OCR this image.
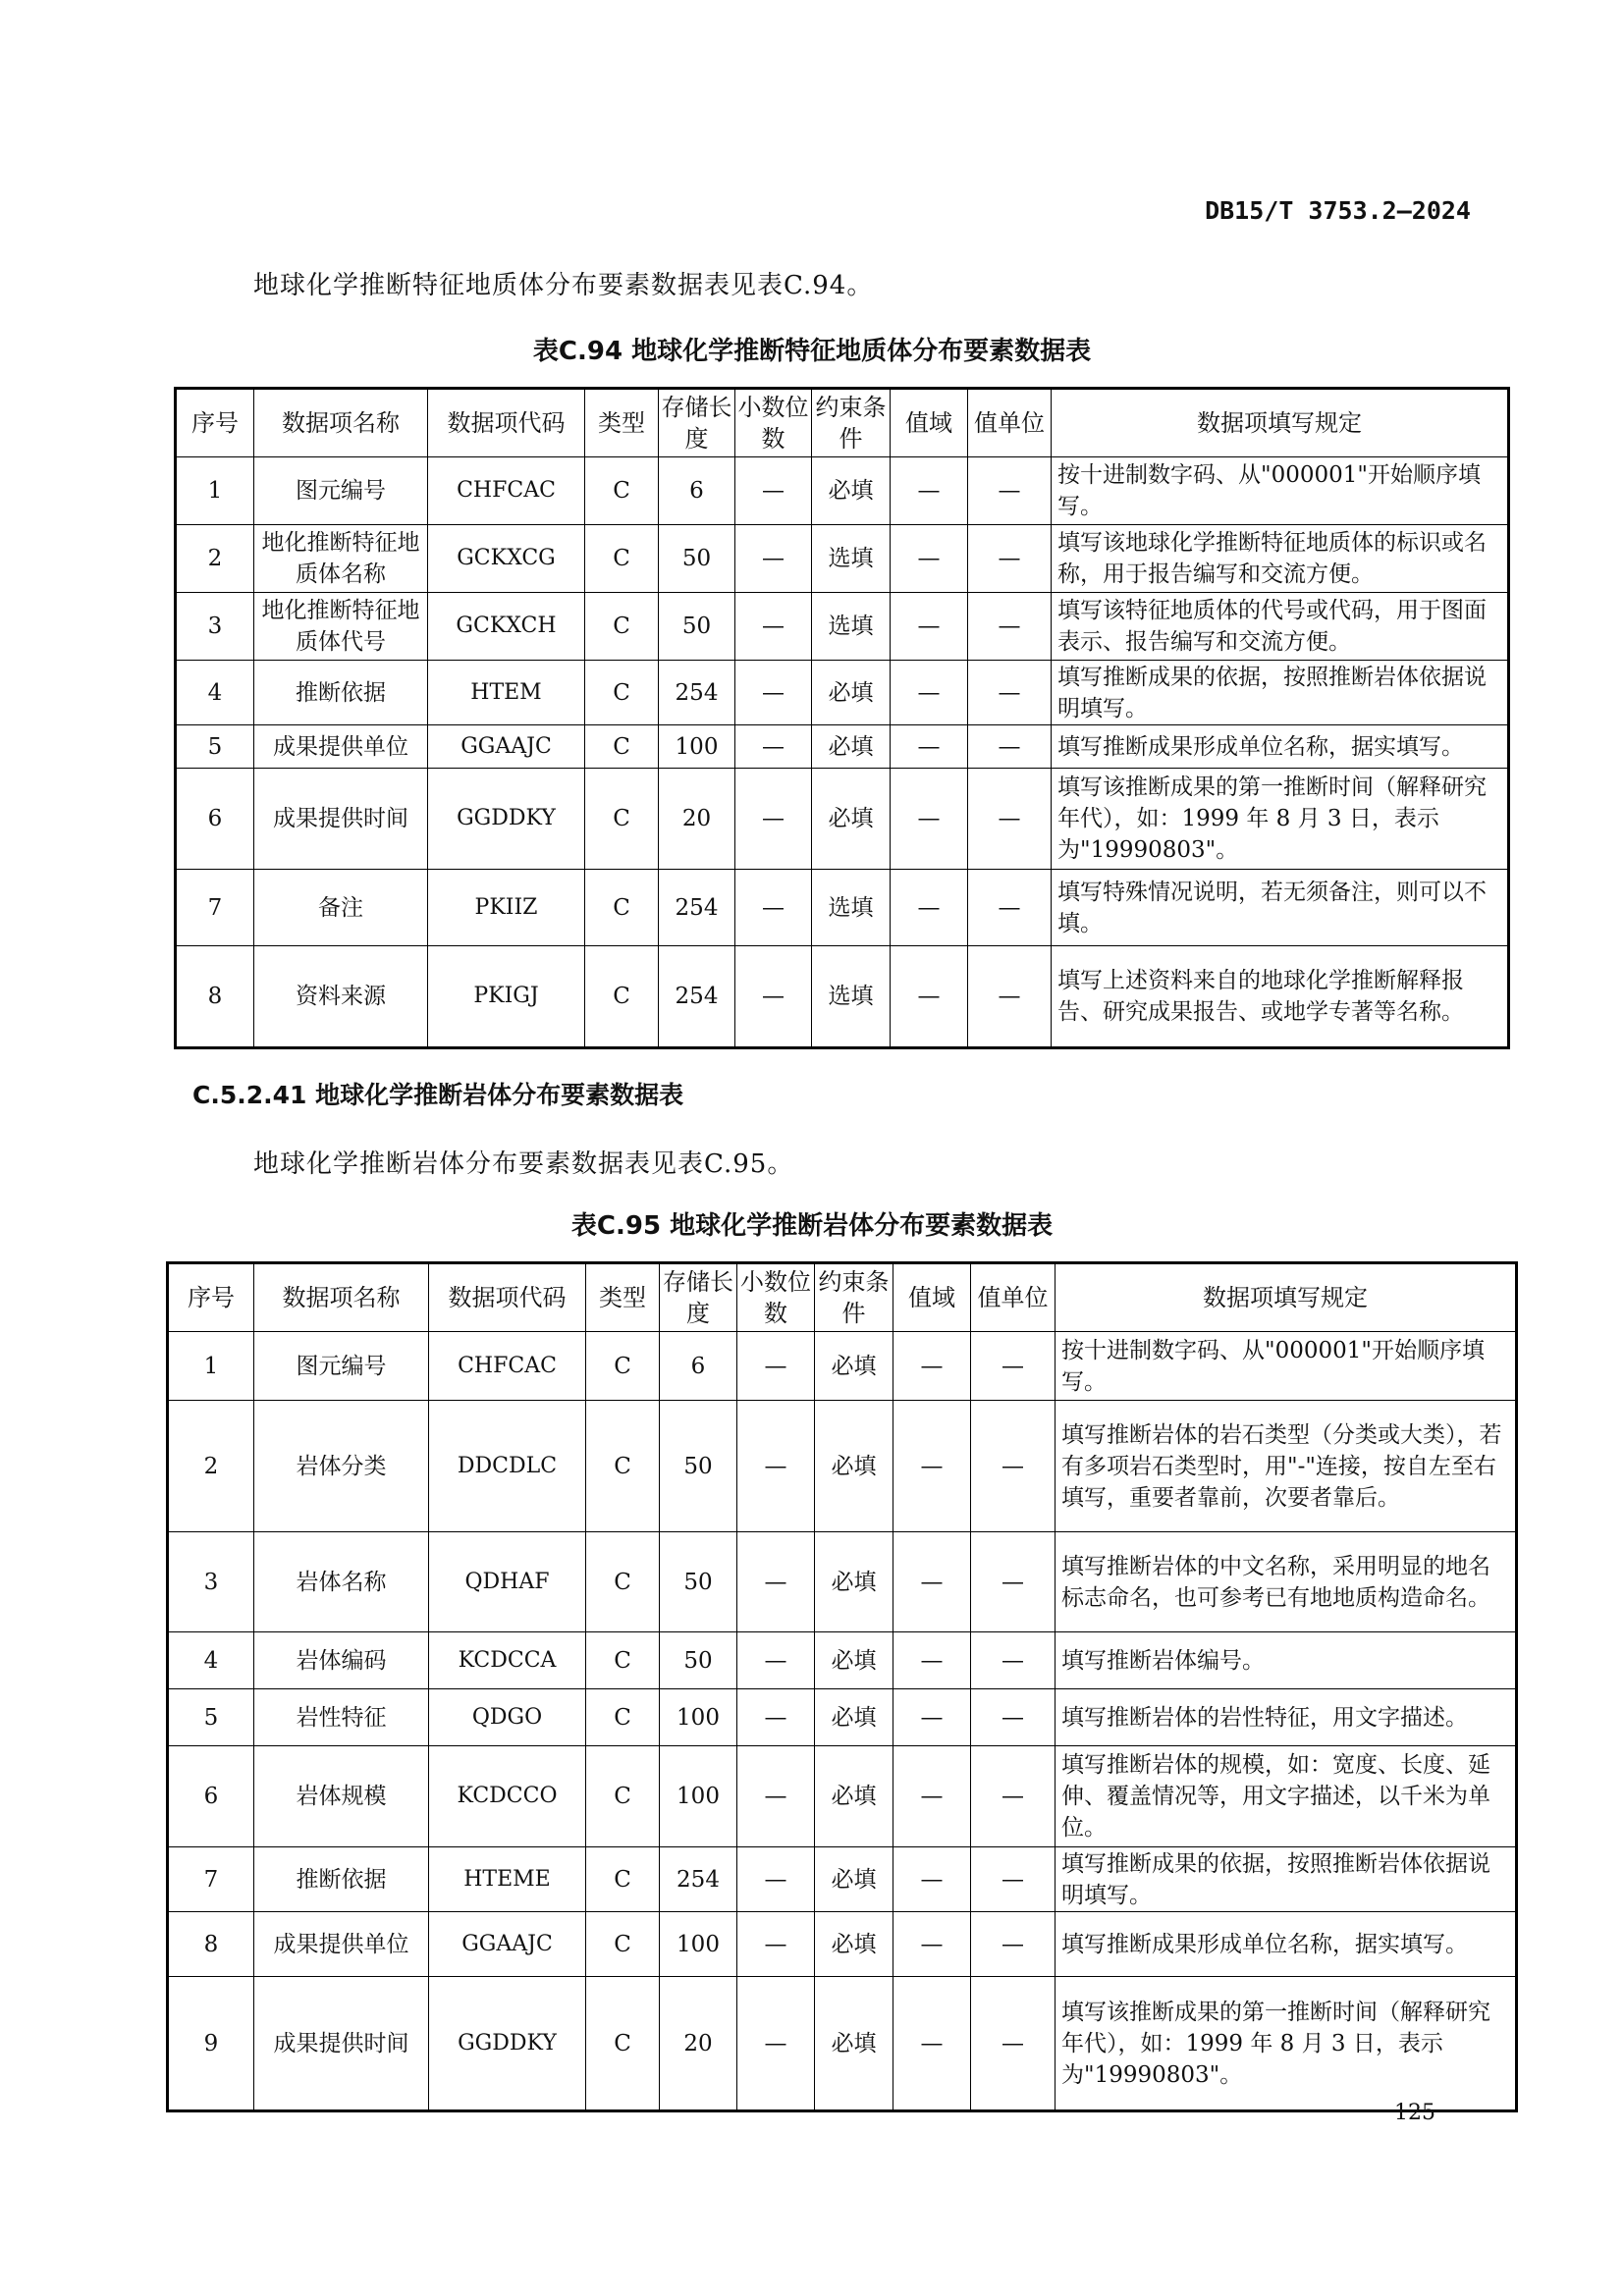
DB15/T 3753.2—2024
地球化学推断特征地质体分布要素数据表见表C.94。
表C.94 地球化学推断特征地质体分布要素数据表
序号	数据项名称	数据项代码	类型	存储长度	小数位数	约束条件	值域	值单位	数据项填写规定
1	图元编号	CHFCAC	C	6	—	必填	—	—	按十进制数字码、从"000001"开始顺序填写。
2	地化推断特征地质体名称	GCKXCG	C	50	—	选填	—	—	填写该地球化学推断特征地质体的标识或名称，用于报告编写和交流方便。
3	地化推断特征地质体代号	GCKXCH	C	50	—	选填	—	—	填写该特征地质体的代号或代码，用于图面表示、报告编写和交流方便。
4	推断依据	HTEM	C	254	—	必填	—	—	填写推断成果的依据，按照推断岩体依据说明填写。
5	成果提供单位	GGAAJC	C	100	—	必填	—	—	填写推断成果形成单位名称，据实填写。
6	成果提供时间	GGDDKY	C	20	—	必填	—	—	填写该推断成果的第一推断时间（解释研究年代），如：1999 年 8 月 3 日，表示为"19990803"。
7	备注	PKIIZ	C	254	—	选填	—	—	填写特殊情况说明，若无须备注，则可以不填。
8	资料来源	PKIGJ	C	254	—	选填	—	—	填写上述资料来自的地球化学推断解释报告、研究成果报告、或地学专著等名称。
C.5.2.41 地球化学推断岩体分布要素数据表
地球化学推断岩体分布要素数据表见表C.95。
表C.95 地球化学推断岩体分布要素数据表
序号	数据项名称	数据项代码	类型	存储长度	小数位数	约束条件	值域	值单位	数据项填写规定
1	图元编号	CHFCAC	C	6	—	必填	—	—	按十进制数字码、从"000001"开始顺序填写。
2	岩体分类	DDCDLC	C	50	—	必填	—	—	填写推断岩体的岩石类型（分类或大类），若有多项岩石类型时，用"-"连接，按自左至右填写，重要者靠前，次要者靠后。
3	岩体名称	QDHAF	C	50	—	必填	—	—	填写推断岩体的中文名称，采用明显的地名标志命名，也可参考已有地地质构造命名。
4	岩体编码	KCDCCA	C	50	—	必填	—	—	填写推断岩体编号。
5	岩性特征	QDGO	C	100	—	必填	—	—	填写推断岩体的岩性特征，用文字描述。
6	岩体规模	KCDCCO	C	100	—	必填	—	—	填写推断岩体的规模，如：宽度、长度、延伸、覆盖情况等，用文字描述，以千米为单位。
7	推断依据	HTEME	C	254	—	必填	—	—	填写推断成果的依据，按照推断岩体依据说明填写。
8	成果提供单位	GGAAJC	C	100	—	必填	—	—	填写推断成果形成单位名称，据实填写。
9	成果提供时间	GGDDKY	C	20	—	必填	—	—	填写该推断成果的第一推断时间（解释研究年代），如：1999 年 8 月 3 日，表示为"19990803"。
125
